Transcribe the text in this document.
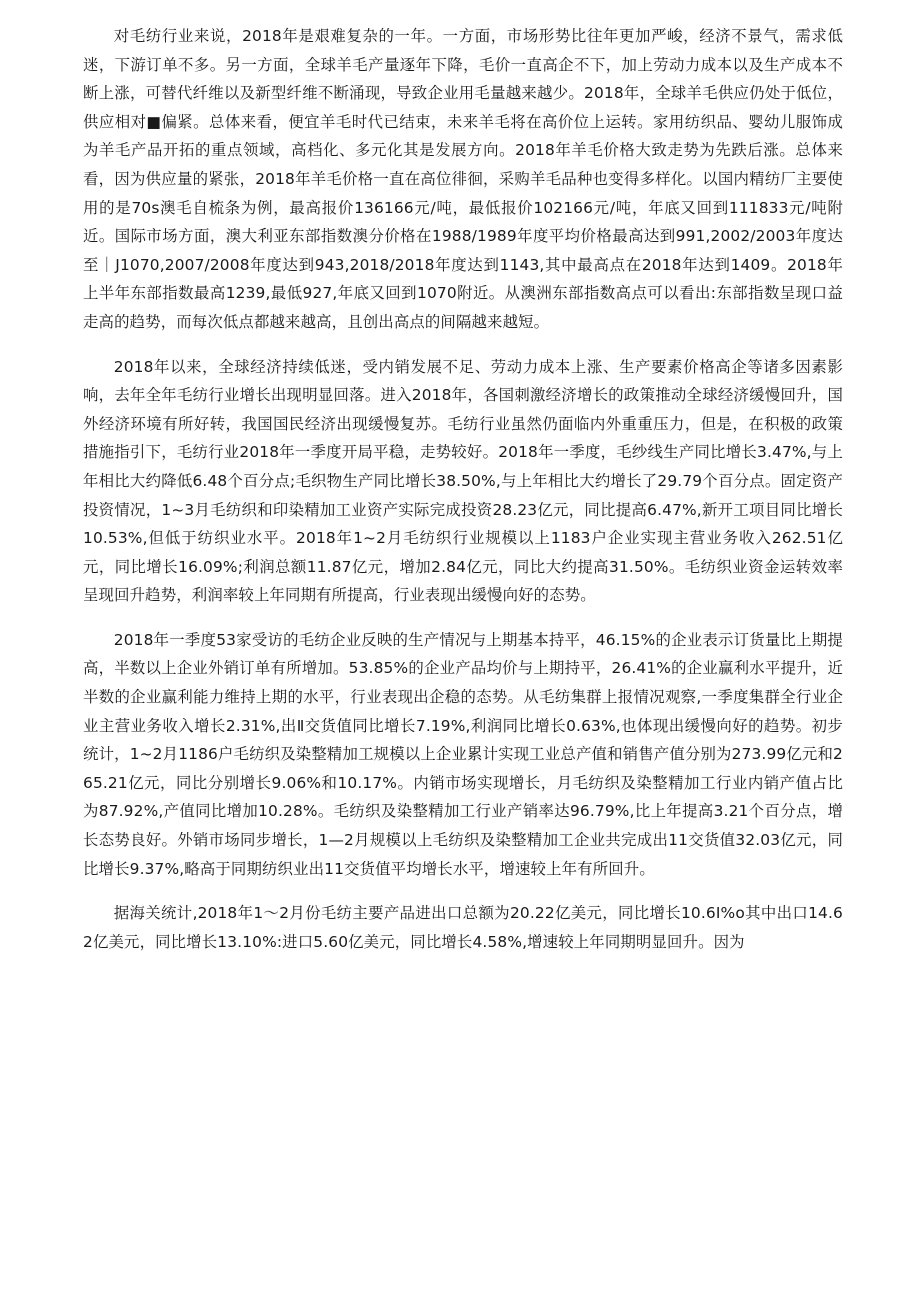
对毛纺行业来说，2018年是艰难复杂的一年。一方面，市场形势比往年更加严峻，经济不景气，需求低迷，下游订单不多。另一方面，全球羊毛产量逐年下降，毛价一直高企不下，加上劳动力成本以及生产成本不断上涨，可替代纤维以及新型纤维不断涌现，导致企业用毛量越来越少。2018年，全球羊毛供应仍处于低位，供应相对■偏紧。总体来看，便宜羊毛时代已结束，未来羊毛将在高价位上运转。家用纺织品、婴幼儿服饰成为羊毛产品开拓的重点领域，高档化、多元化其是发展方向。2018年羊毛价格大致走势为先跌后涨。总体来看，因为供应量的紧张，2018年羊毛价格一直在高位徘徊，采购羊毛品种也变得多样化。以国内精纺厂主要使用的是70s澳毛自梳条为例，最高报价136166元/吨，最低报价102166元/吨，年底又回到111833元/吨附近。国际市场方面，澳大利亚东部指数澳分价格在1988/1989年度平均价格最高达到991,2002/2003年度达至｜J1070,2007/2008年度达到943,2018/2018年度达到1143,其中最高点在2018年达到1409。2018年上半年东部指数最高1239,最低927,年底又回到1070附近。从澳洲东部指数高点可以看出:东部指数呈现口益走高的趋势，而每次低点都越来越高，且创出高点的间隔越来越短。

2018年以来，全球经济持续低迷，受内销发展不足、劳动力成本上涨、生产要素价格高企等诸多因素影响，去年全年毛纺行业增长出现明显回落。进入2018年，各国刺激经济增长的政策推动全球经济缓慢回升，国外经济环境有所好转，我国国民经济出现缓慢复苏。毛纺行业虽然仍面临内外重重压力，但是，在积极的政策措施指引下，毛纺行业2018年一季度开局平稳，走势较好。2018年一季度，毛纱线生产同比增长3.47%,与上年相比大约降低6.48个百分点;毛织物生产同比增长38.50%,与上年相比大约增长了29.79个百分点。固定资产投资情况，1~3月毛纺织和印染精加工业资产实际完成投资28.23亿元，同比提高6.47%,新开工项目同比增长10.53%,但低于纺织业水平。2018年1~2月毛纺织行业规模以上1183户企业实现主营业务收入262.51亿元，同比增长16.09%;利润总额11.87亿元，增加2.84亿元，同比大约提高31.50%。毛纺织业资金运转效率呈现回升趋势，利润率较上年同期有所提高，行业表现出缓慢向好的态势。

2018年一季度53家受访的毛纺企业反映的生产情况与上期基本持平，46.15%的企业表示订货量比上期提高，半数以上企业外销订单有所增加。53.85%的企业产品均价与上期持平，26.41%的企业赢利水平提升，近半数的企业赢利能力维持上期的水平，行业表现出企稳的态势。从毛纺集群上报情况观察,一季度集群全行业企业主营业务收入增长2.31%,出Ⅱ交货值同比增长7.19%,利润同比增长0.63%,也体现出缓慢向好的趋势。初步统计，1~2月1186户毛纺织及染整精加工规模以上企业累计实现工业总产值和销售产值分别为273.99亿元和265.21亿元，同比分别增长9.06%和10.17%。内销市场实现增长，月毛纺织及染整精加工行业内销产值占比为87.92%,产值同比增加10.28%。毛纺织及染整精加工行业产销率达96.79%,比上年提高3.21个百分点，增长态势良好。外销市场同步增长，1—2月规模以上毛纺织及染整精加工企业共完成出11交货值32.03亿元，同比增长9.37%,略高于同期纺织业出11交货值平均增长水平，增速较上年有所回升。

据海关统计,2018年1～2月份毛纺主要产品进出口总额为20.22亿美元，同比增长10.6I%o其中出口14.62亿美元，同比增长13.10%:进口5.60亿美元，同比增长4.58%,增速较上年同期明显回升。因为
